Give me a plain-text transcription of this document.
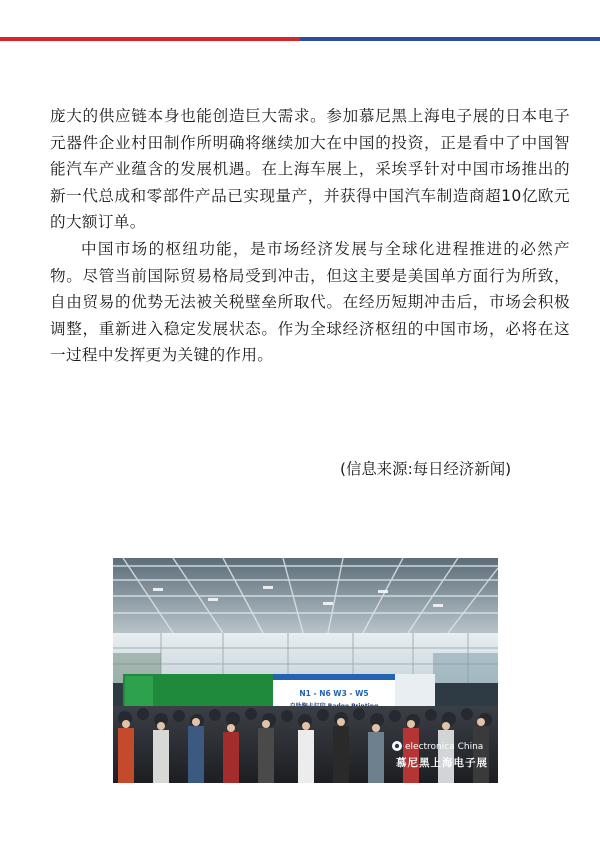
庞大的供应链本身也能创造巨大需求。参加慕尼黑上海电子展的日本电子元器件企业村田制作所明确将继续加大在中国的投资，正是看中了中国智能汽车产业蕴含的发展机遇。在上海车展上，采埃孚针对中国市场推出的新一代总成和零部件产品已实现量产，并获得中国汽车制造商超10亿欧元的大额订单。

中国市场的枢纽功能，是市场经济发展与全球化进程推进的必然产物。尽管当前国际贸易格局受到冲击，但这主要是美国单方面行为所致，自由贸易的优势无法被关税壁垒所取代。在经历短期冲击后，市场会积极调整，重新进入稳定发展状态。作为全球经济枢纽的中国市场，必将在这一过程中发挥更为关键的作用。

(信息来源:每日经济新闻)

N1 - N6 W3 - W5
electronica China
慕尼黑上海电子展
